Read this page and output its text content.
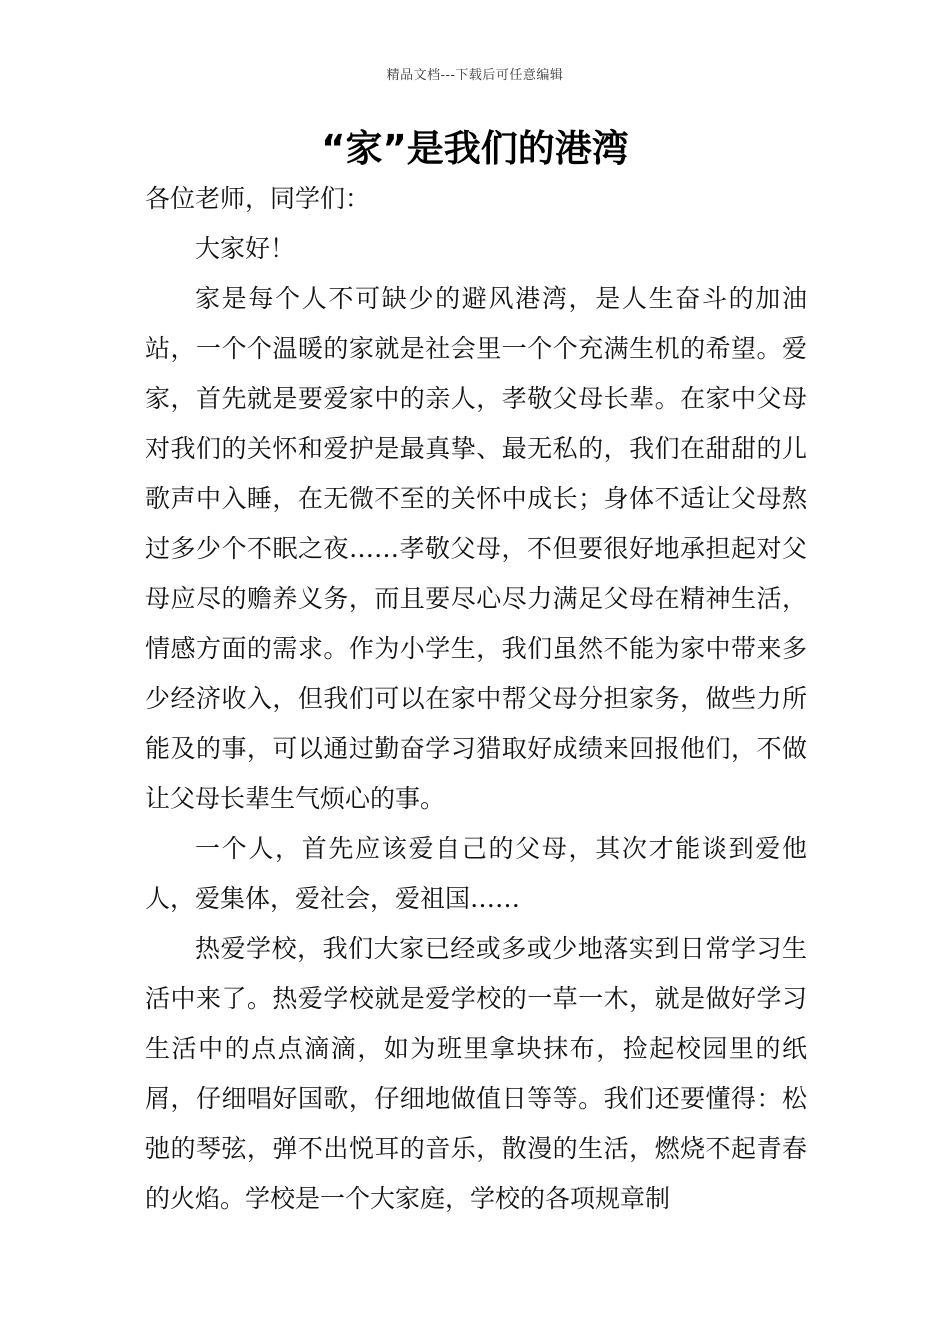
精品文档---下载后可任意编辑
“家”是我们的港湾

各位老师，同学们：

大家好！

家是每个人不可缺少的避风港湾，是人生奋斗的加油站，一个个温暖的家就是社会里一个个充满生机的希望。爱家，首先就是要爱家中的亲人，孝敬父母长辈。在家中父母对我们的关怀和爱护是最真挚、最无私的，我们在甜甜的儿歌声中入睡，在无微不至的关怀中成长；身体不适让父母熬过多少个不眠之夜……孝敬父母，不但要很好地承担起对父母应尽的赡养义务，而且要尽心尽力满足父母在精神生活，情感方面的需求。作为小学生，我们虽然不能为家中带来多少经济收入，但我们可以在家中帮父母分担家务，做些力所能及的事，可以通过勤奋学习猎取好成绩来回报他们，不做让父母长辈生气烦心的事。

一个人，首先应该爱自己的父母，其次才能谈到爱他人，爱集体，爱社会，爱祖国……

热爱学校，我们大家已经或多或少地落实到日常学习生活中来了。热爱学校就是爱学校的一草一木，就是做好学习生活中的点点滴滴，如为班里拿块抹布，捡起校园里的纸屑，仔细唱好国歌，仔细地做值日等等。我们还要懂得：松弛的琴弦，弹不出悦耳的音乐，散漫的生活，燃烧不起青春的火焰。学校是一个大家庭，学校的各项规章制
